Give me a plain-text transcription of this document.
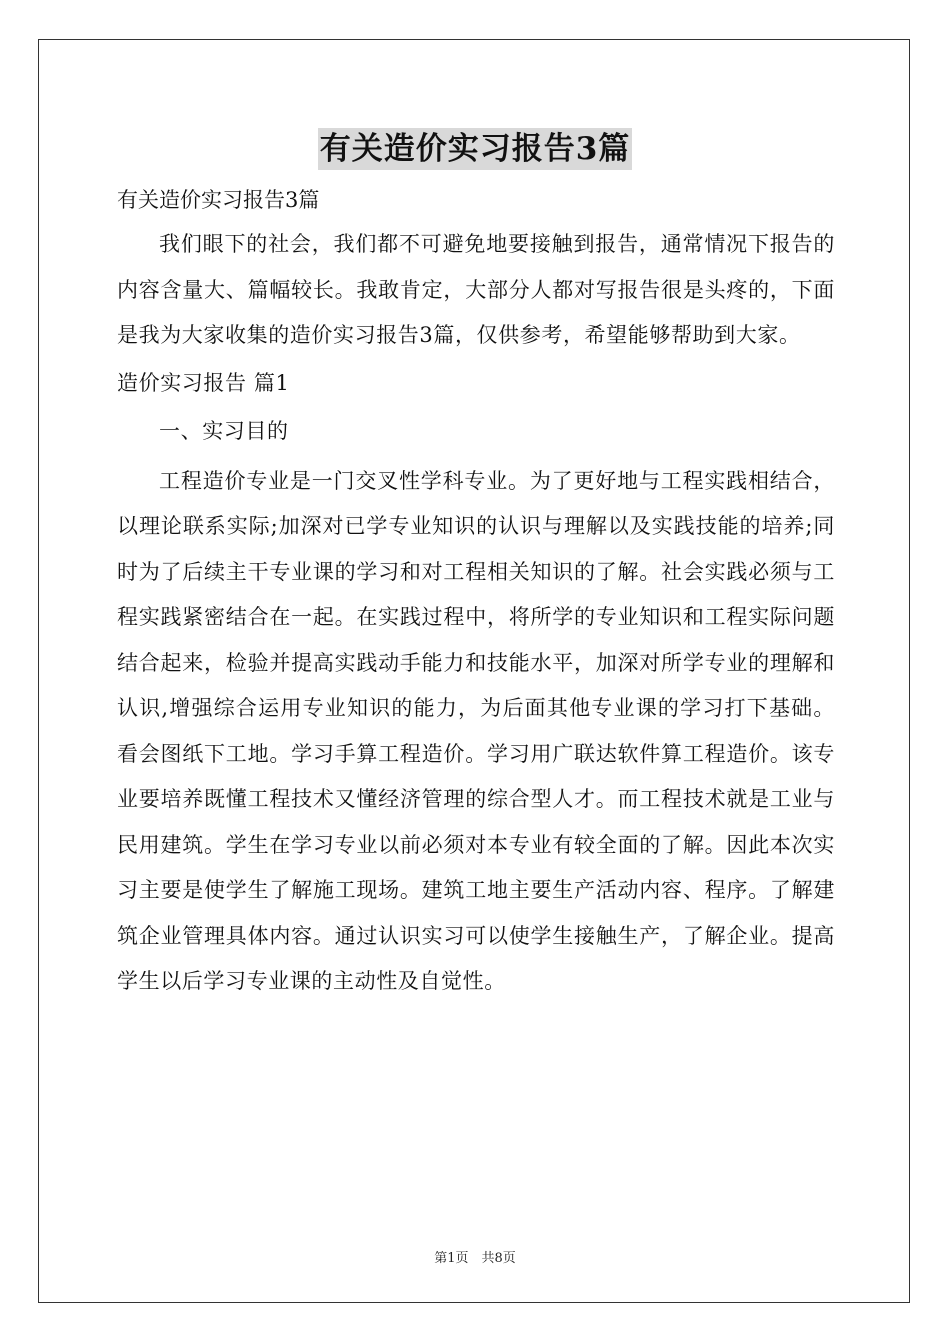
有关造价实习报告3篇

有关造价实习报告3篇

我们眼下的社会，我们都不可避免地要接触到报告，通常情况下报告的内容含量大、篇幅较长。我敢肯定，大部分人都对写报告很是头疼的，下面是我为大家收集的造价实习报告3篇，仅供参考，希望能够帮助到大家。

造价实习报告 篇1

一、实习目的

工程造价专业是一门交叉性学科专业。为了更好地与工程实践相结合，以理论联系实际;加深对已学专业知识的认识与理解以及实践技能的培养;同时为了后续主干专业课的学习和对工程相关知识的了解。社会实践必须与工程实践紧密结合在一起。在实践过程中，将所学的专业知识和工程实际问题结合起来，检验并提高实践动手能力和技能水平，加深对所学专业的理解和认识,增强综合运用专业知识的能力，为后面其他专业课的学习打下基础。看会图纸下工地。学习手算工程造价。学习用广联达软件算工程造价。该专业要培养既懂工程技术又懂经济管理的综合型人才。而工程技术就是工业与民用建筑。学生在学习专业以前必须对本专业有较全面的了解。因此本次实习主要是使学生了解施工现场。建筑工地主要生产活动内容、程序。了解建筑企业管理具体内容。通过认识实习可以使学生接触生产，了解企业。提高学生以后学习专业课的主动性及自觉性。

第1页　共8页
